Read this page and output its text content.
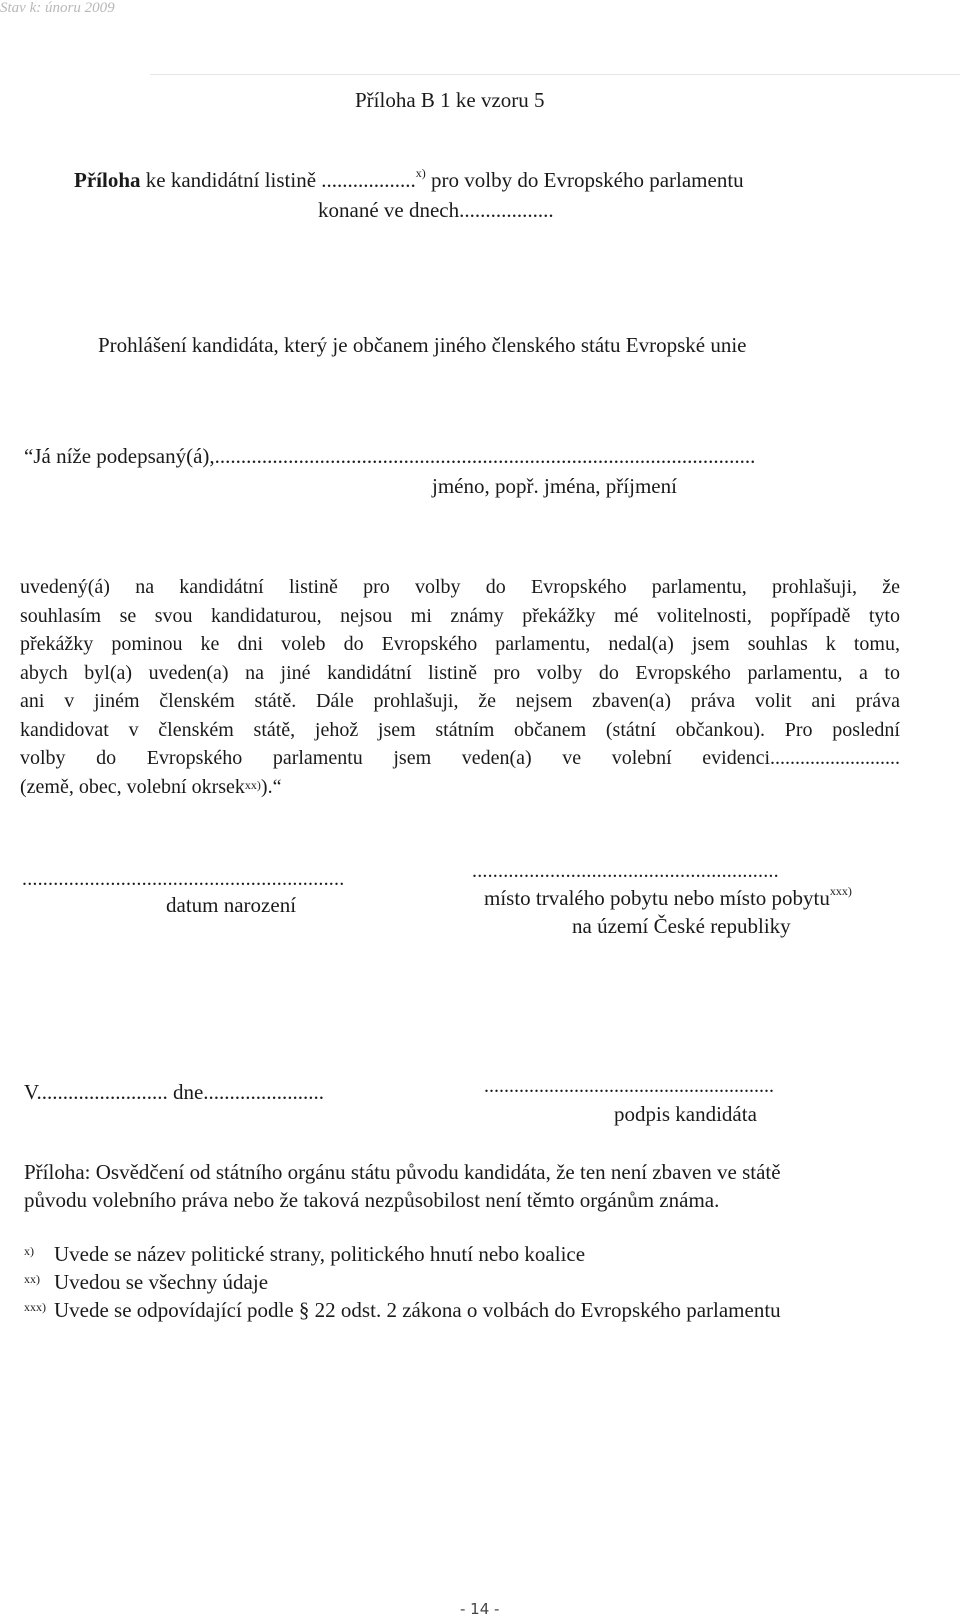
Stav k: únoru 2009
Příloha B 1 ke vzoru 5
Příloha ke kandidátní listině ..................$^{x)}$ pro volby do Evropského parlamentu
konané ve dnech..................
Prohlášení kandidáta, který je občanem jiného členského státu Evropské unie
“Já níže podepsaný(á),.......................................................................................................
jméno, popř. jména, příjmení
uvedený(á) na kandidátní listině pro volby do Evropského parlamentu, prohlašuji, že
souhlasím se svou kandidaturou, nejsou mi známy překážky mé volitelnosti, popřípadě tyto
překážky pominou ke dni voleb do Evropského parlamentu, nedal(a) jsem souhlas k tomu,
abych byl(a) uveden(a) na jiné kandidátní listině pro volby do Evropského parlamentu, a to
ani v jiném členském státě. Dále prohlašuji, že nejsem zbaven(a) práva volit ani práva
kandidovat v členském státě, jehož jsem státním občanem (státní občankou). Pro poslední
volby do Evropského parlamentu jsem veden(a) ve volební evidenci..........................
(země, obec, volební okrsek$^{xx)}$).“
..............................................................	...........................................................
datum narození	místo trvalého pobytu nebo místo pobytu$^{xxx)}$
na území České republiky
V......................... dne.......................	..........................................................
podpis kandidáta
Příloha: Osvědčení od státního orgánu státu původu kandidáta, že ten není zbaven ve státě
původu volebního práva nebo že taková nezpůsobilost není těmto orgánům známa.
x) Uvede se název politické strany, politického hnutí nebo koalice
xx) Uvedou se všechny údaje
xxx) Uvede se odpovídající podle § 22 odst. 2 zákona o volbách do Evropského parlamentu
- 14 -
